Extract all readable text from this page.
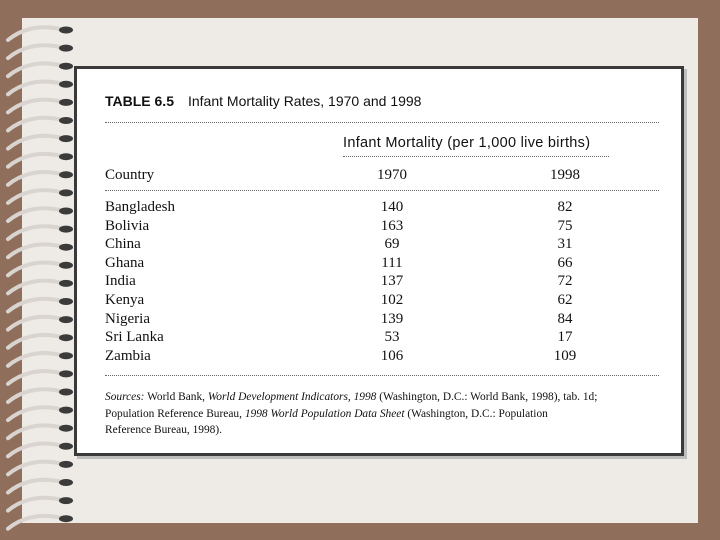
TABLE 6.5 Infant Mortality Rates, 1970 and 1998
Infant Mortality (per 1,000 live births)
Country	1970	1998
Bangladesh	140	82
Bolivia	163	75
China	69	31
Ghana	111	66
India	137	72
Kenya	102	62
Nigeria	139	84
Sri Lanka	53	17
Zambia	106	109
Sources: World Bank, World Development Indicators, 1998 (Washington, D.C.: World Bank, 1998), tab. 1d;
Population Reference Bureau, 1998 World Population Data Sheet (Washington, D.C.: Population
Reference Bureau, 1998).
